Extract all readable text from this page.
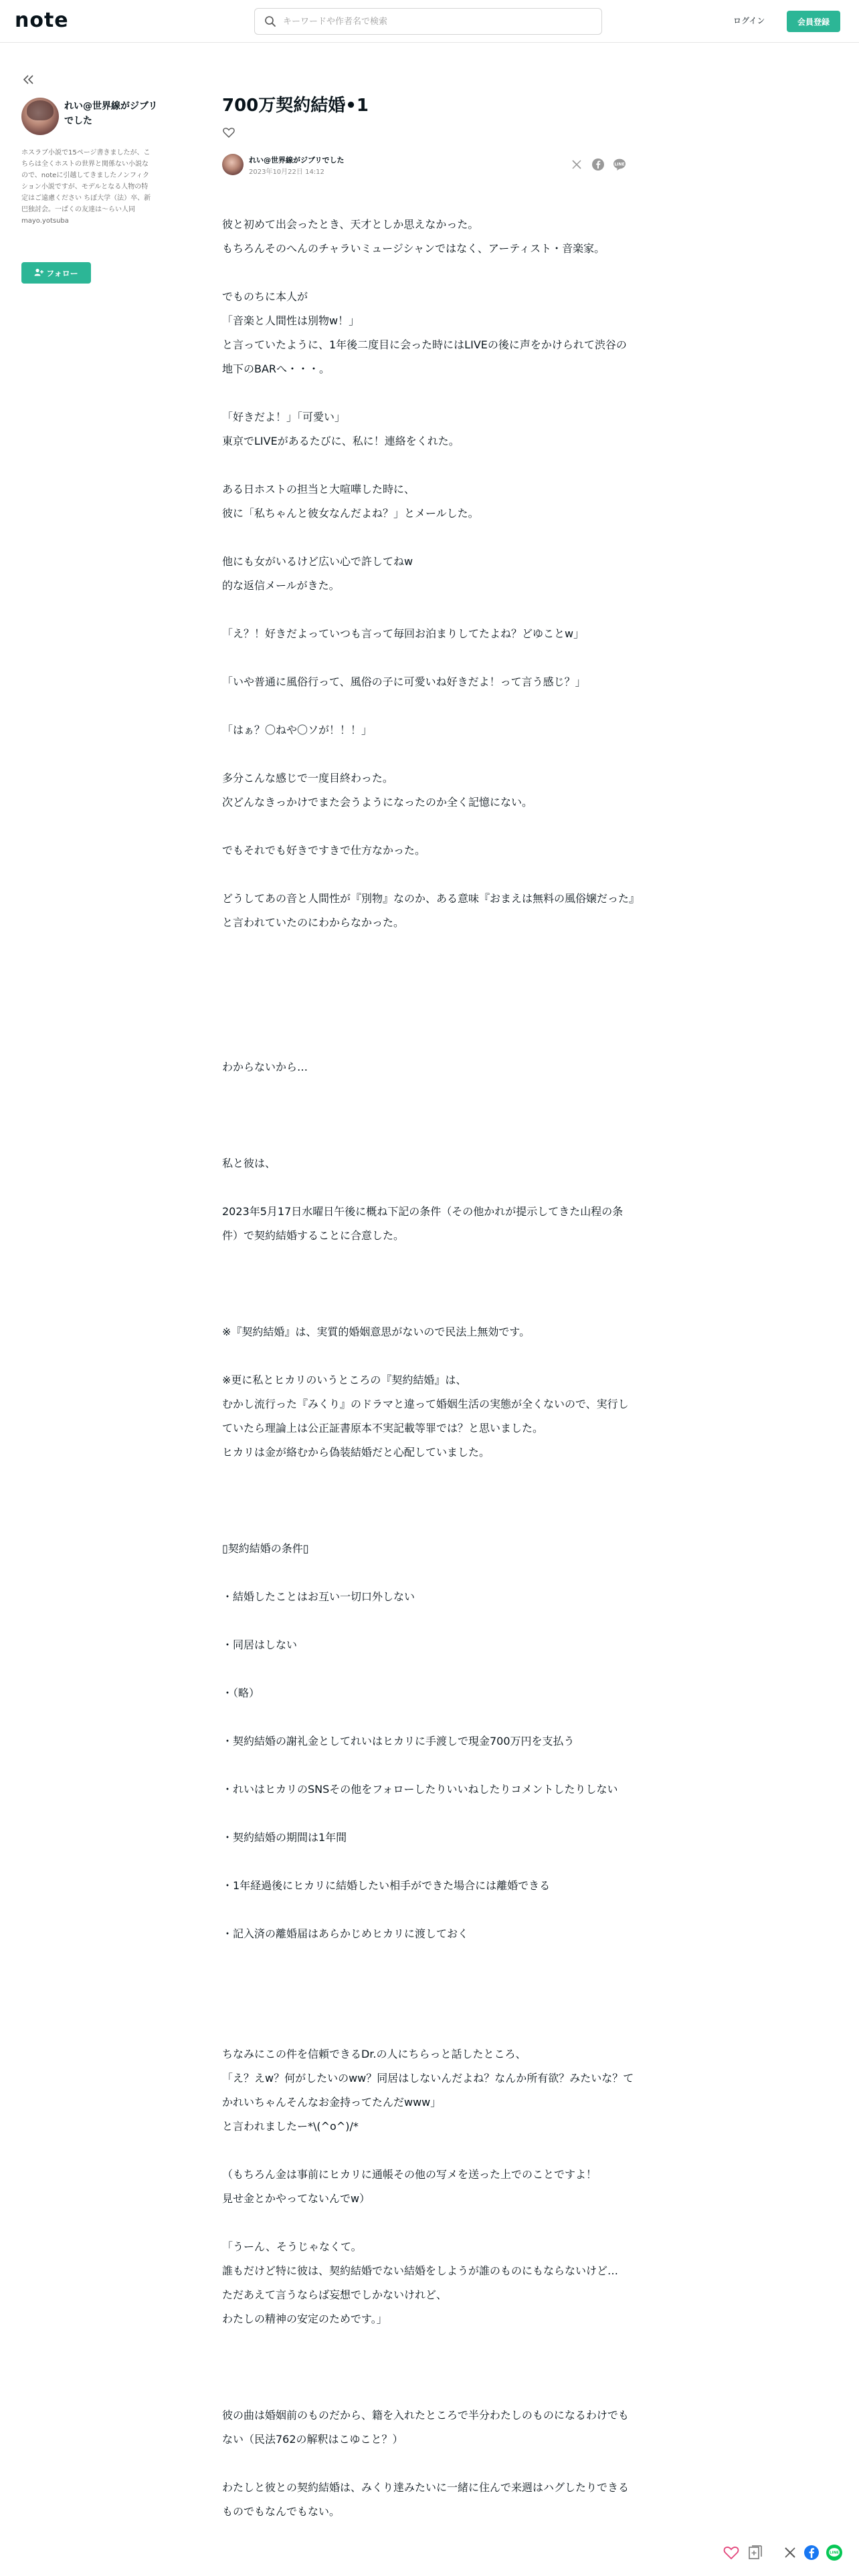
note
キーワードや作者名で検索	ログイン	会員登録
れい@世界線がジブリでした
ホスラブ小説で15ページ書きましたが、こちらは全くホストの世界と関係ない小説なので、noteに引越してきましたノンフィクション小説ですが、モデルとなる人物の特定はご遠慮ください ちぼ大学（法）卒、新巴独討会。一ぱくの友達は～らい人同 mayo.yotsuba
フォロー
700万契約結婚•1
れい@世界線がジブリでした
2023年10月22日 14:12
LINE
彼と初めて出会ったとき、天才としか思えなかった。
もちろんそのへんのチャラいミュージシャンではなく、アーティスト・音楽家。
でものちに本人が
「音楽と人間性は別物w！」
と言っていたように、1年後二度目に会った時にはLIVEの後に声をかけられて渋谷の地下のBARへ・・・。
「好きだよ！」「可愛い」
東京でLIVEがあるたびに、私に！連絡をくれた。
ある日ホストの担当と大喧嘩した時に、
彼に「私ちゃんと彼女なんだよね？」とメールした。
他にも女がいるけど広い心で許してねw
的な返信メールがきた。
「え？！好きだよっていつも言って毎回お泊まりしてたよね？どゆことw」
「いや普通に風俗行って、風俗の子に可愛いね好きだよ！って言う感じ？」
「はぁ？〇ねや〇ソが！！！」
多分こんな感じで一度目終わった。
次どんなきっかけでまた会うようになったのか全く記憶にない。
でもそれでも好きですきで仕方なかった。
どうしてあの音と人間性が『別物』なのか、ある意味『おまえは無料の風俗嬢だった』と言われていたのにわからなかった。
わからないから…
私と彼は、
2023年5月17日水曜日午後に概ね下記の条件（その他かれが提示してきた山程の条件）で契約結婚することに合意した。
※『契約結婚』は、実質的婚姻意思がないので民法上無効です。
※更に私とヒカリのいうところの『契約結婚』は、
むかし流行った『みくり』のドラマと違って婚姻生活の実態が全くないので、実行していたら理論上は公正証書原本不実記載等罪では？と思いました。
ヒカリは金が絡むから偽装結婚だと心配していました。
▯契約結婚の条件▯
・結婚したことはお互い一切口外しない
・同居はしない
・（略）
・契約結婚の謝礼金としてれいはヒカリに手渡しで現金700万円を支払う
・れいはヒカリのSNSその他をフォローしたりいいねしたりコメントしたりしない
・契約結婚の期間は1年間
・1年経過後にヒカリに結婚したい相手ができた場合には離婚できる
・記入済の離婚届はあらかじめヒカリに渡しておく
ちなみにこの件を信頼できるDr.の人にちらっと話したところ、
「え？えw？何がしたいのww？同居はしないんだよね？なんか所有欲？みたいな？てかれいちゃんそんなお金持ってたんだwww」
と言われましたー*\(^o^)/*
（もちろん金は事前にヒカリに通帳その他の写メを送った上でのことですよ！
見せ金とかやってないんでw）
「うーん、そうじゃなくて。
誰もだけど特に彼は、契約結婚でない結婚をしようが誰のものにもならないけど…
ただあえて言うならば妄想でしかないけれど、
わたしの精神の安定のためです。」
彼の曲は婚姻前のものだから、籍を入れたところで半分わたしのものになるわけでもない（民法762の解釈はこゆこと？）
わたしと彼との契約結婚は、みくり達みたいに一緒に住んで来週はハグしたりできるものでもなんでもない。
LINE
